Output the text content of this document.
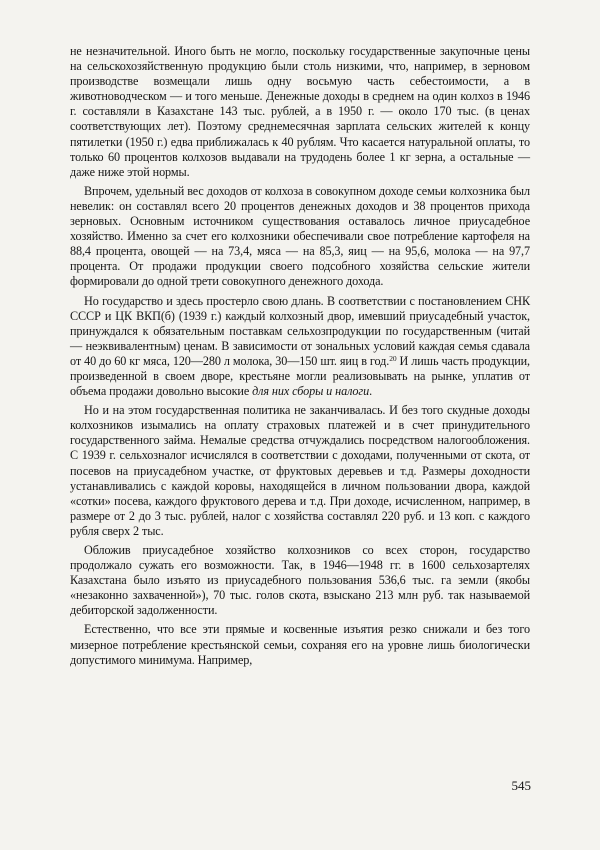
не незначительной. Иного быть не могло, поскольку государственные закупочные цены на сельскохозяйственную продукцию были столь низкими, что, например, в зерновом производстве возмещали лишь одну восьмую часть себестоимости, а в животноводческом — и того меньше. Денежные доходы в среднем на один колхоз в 1946 г. составляли в Казахстане 143 тыс. рублей, а в 1950 г. — около 170 тыс. (в ценах соответствующих лет). Поэтому среднемесячная зарплата сельских жителей к концу пятилетки (1950 г.) едва приближалась к 40 рублям. Что касается натуральной оплаты, то только 60 процентов колхозов выдавали на трудодень более 1 кг зерна, а остальные — даже ниже этой нормы.

Впрочем, удельный вес доходов от колхоза в совокупном доходе семьи колхозника был невелик: он составлял всего 20 процентов денежных доходов и 38 процентов прихода зерновых. Основным источником существования оставалось личное приусадебное хозяйство. Именно за счет его колхозники обеспечивали свое потребление картофеля на 88,4 процента, овощей — на 73,4, мяса — на 85,3, яиц — на 95,6, молока — на 97,7 процента. От продажи продукции своего подсобного хозяйства сельские жители формировали до одной трети совокупного денежного дохода.

Но государство и здесь простерло свою длань. В соответствии с постановлением СНК СССР и ЦК ВКП(б) (1939 г.) каждый колхозный двор, имевший приусадебный участок, принуждался к обязательным поставкам сельхозпродукции по государственным (читай — неэквивалентным) ценам. В зависимости от зональных условий каждая семья сдавала от 40 до 60 кг мяса, 120—280 л молока, 30—150 шт. яиц в год.$^{20}$ И лишь часть продукции, произведенной в своем дворе, крестьяне могли реализовывать на рынке, уплатив от объема продажи довольно высокие для них сборы и налоги.

Но и на этом государственная политика не заканчивалась. И без того скудные доходы колхозников изымались на оплату страховых платежей и в счет принудительного государственного займа. Немалые средства отчуждались посредством налогообложения. С 1939 г. сельхозналог исчислялся в соответствии с доходами, полученными от скота, от посевов на приусадебном участке, от фруктовых деревьев и т.д. Размеры доходности устанавливались с каждой коровы, находящейся в личном пользовании двора, каждой «сотки» посева, каждого фруктового дерева и т.д. При доходе, исчисленном, например, в размере от 2 до 3 тыс. рублей, налог с хозяйства составлял 220 руб. и 13 коп. с каждого рубля сверх 2 тыс.

Обложив приусадебное хозяйство колхозников со всех сторон, государство продолжало сужать его возможности. Так, в 1946—1948 гг. в 1600 сельхозартелях Казахстана было изъято из приусадебного пользования 536,6 тыс. га земли (якобы «незаконно захваченной»), 70 тыс. голов скота, взыскано 213 млн руб. так называемой дебиторской задолженности.

Естественно, что все эти прямые и косвенные изъятия резко снижали и без того мизерное потребление крестьянской семьи, сохраняя его на уровне лишь биологически допустимого минимума. Например,

545
